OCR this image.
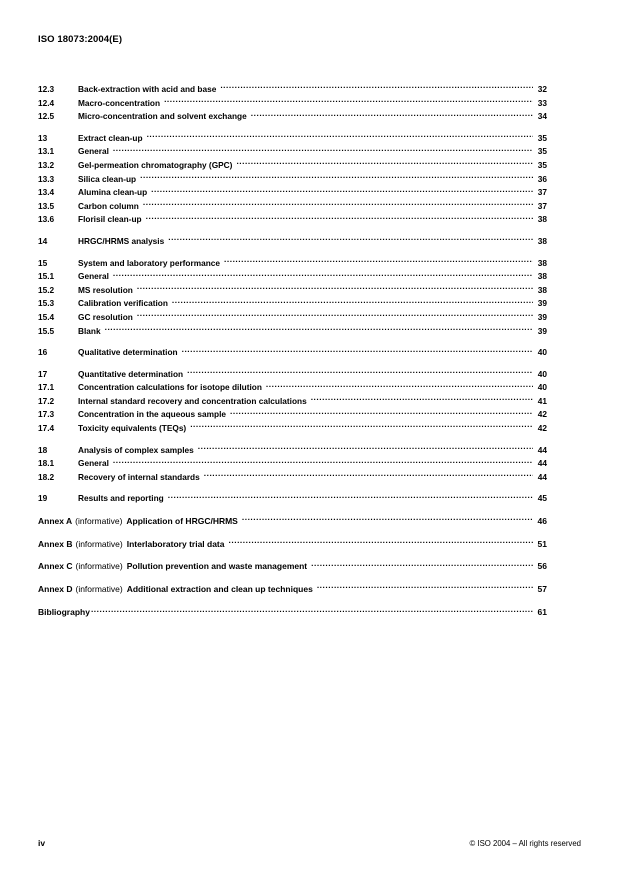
ISO 18073:2004(E)
12.3	Back-extraction with acid and base .....	32
12.4	Macro-concentration .....	33
12.5	Micro-concentration and solvent exchange .....	34
13	Extract clean-up .....	35
13.1	General .....	35
13.2	Gel-permeation chromatography (GPC) .....	35
13.3	Silica clean-up .....	36
13.4	Alumina clean-up .....	37
13.5	Carbon column .....	37
13.6	Florisil clean-up .....	38
14	HRGC/HRMS analysis .....	38
15	System and laboratory performance .....	38
15.1	General .....	38
15.2	MS resolution .....	38
15.3	Calibration verification .....	39
15.4	GC resolution .....	39
15.5	Blank .....	39
16	Qualitative determination .....	40
17	Quantitative determination .....	40
17.1	Concentration calculations for isotope dilution .....	40
17.2	Internal standard recovery and concentration calculations .....	41
17.3	Concentration in the aqueous sample .....	42
17.4	Toxicity equivalents (TEQs) .....	42
18	Analysis of complex samples .....	44
18.1	General .....	44
18.2	Recovery of internal standards .....	44
19	Results and reporting .....	45
Annex A (informative) Application of HRGC/HRMS .....	46
Annex B (informative) Interlaboratory trial data .....	51
Annex C (informative) Pollution prevention and waste management .....	56
Annex D (informative) Additional extraction and clean up techniques .....	57
Bibliography .....	61
iv	© ISO 2004 – All rights reserved
